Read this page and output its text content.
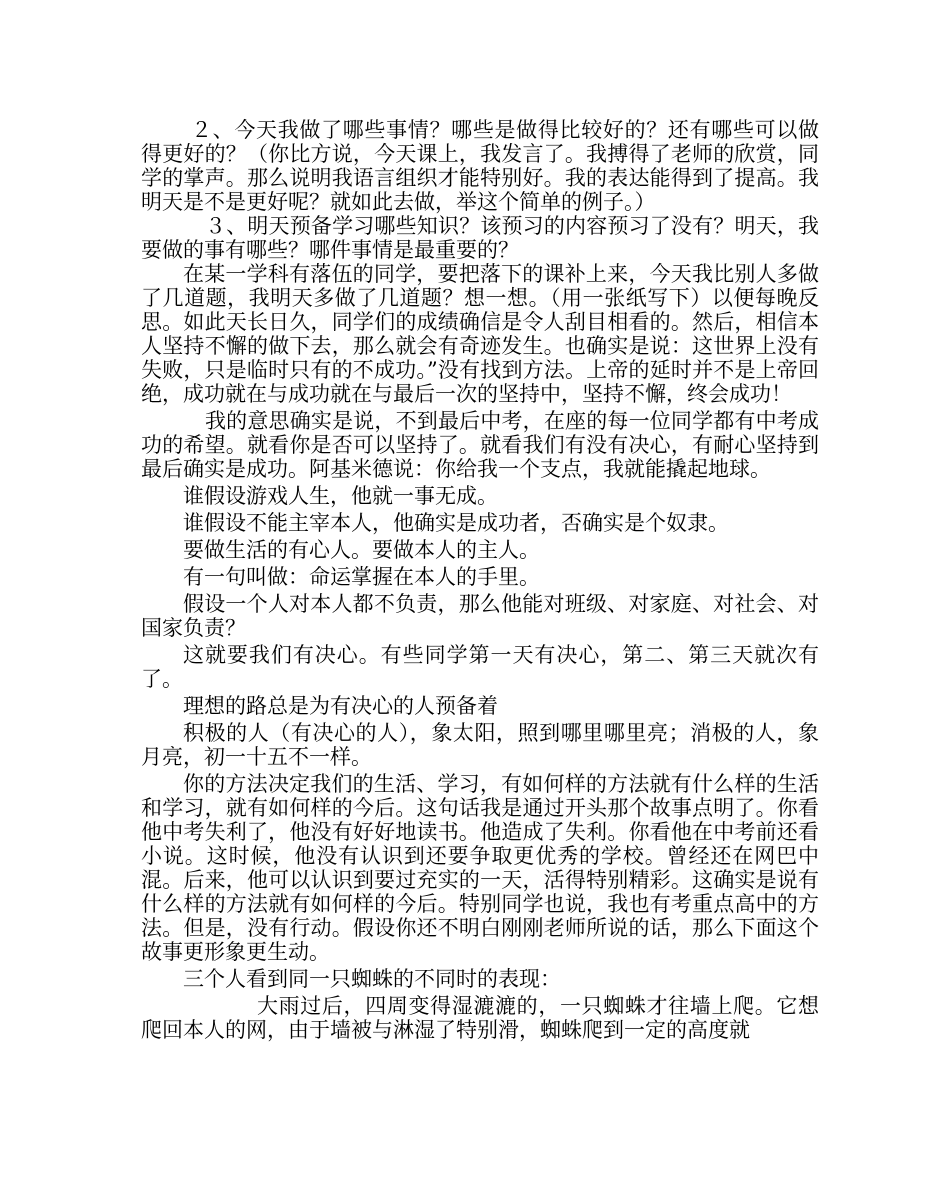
２、今天我做了哪些事情？哪些是做得比较好的？还有哪些可以做得更好的？（你比方说，今天课上，我发言了。我搏得了老师的欣赏，同学的掌声。那么说明我语言组织才能特别好。我的表达能得到了提高。我明天是不是更好呢？就如此去做，举这个简单的例子。）

３、明天预备学习哪些知识？该预习的内容预习了没有？明天，我要做的事有哪些？哪件事情是最重要的？

在某一学科有落伍的同学，要把落下的课补上来，今天我比别人多做了几道题，我明天多做了几道题？想一想。（用一张纸写下）以便每晚反思。如此天长日久，同学们的成绩确信是令人刮目相看的。然后，相信本人坚持不懈的做下去，那么就会有奇迹发生。也确实是说：这世界上没有失败，只是临时只有的不成功。”没有找到方法。上帝的延时并不是上帝回绝，成功就在与成功就在与最后一次的坚持中，坚持不懈，终会成功！

我的意思确实是说，不到最后中考，在座的每一位同学都有中考成功的希望。就看你是否可以坚持了。就看我们有没有决心，有耐心坚持到最后确实是成功。阿基米德说：你给我一个支点，我就能撬起地球。

谁假设游戏人生，他就一事无成。

谁假设不能主宰本人，他确实是成功者，否确实是个奴隶。

要做生活的有心人。要做本人的主人。

有一句叫做：命运掌握在本人的手里。

假设一个人对本人都不负责，那么他能对班级、对家庭、对社会、对国家负责？

这就要我们有决心。有些同学第一天有决心，第二、第三天就次有了。

理想的路总是为有决心的人预备着

积极的人（有决心的人），象太阳，照到哪里哪里亮；消极的人，象月亮，初一十五不一样。

你的方法决定我们的生活、学习，有如何样的方法就有什么样的生活和学习，就有如何样的今后。这句话我是通过开头那个故事点明了。你看他中考失利了，他没有好好地读书。他造成了失利。你看他在中考前还看小说。这时候，他没有认识到还要争取更优秀的学校。曾经还在网巴中混。后来，他可以认识到要过充实的一天，活得特别精彩。这确实是说有什么样的方法就有如何样的今后。特别同学也说，我也有考重点高中的方法。但是，没有行动。假设你还不明白刚刚老师所说的话，那么下面这个故事更形象更生动。

三个人看到同一只蜘蛛的不同时的表现：

大雨过后，四周变得湿漉漉的，一只蜘蛛才往墙上爬。它想爬回本人的网，由于墙被与淋湿了特别滑，蜘蛛爬到一定的高度就
